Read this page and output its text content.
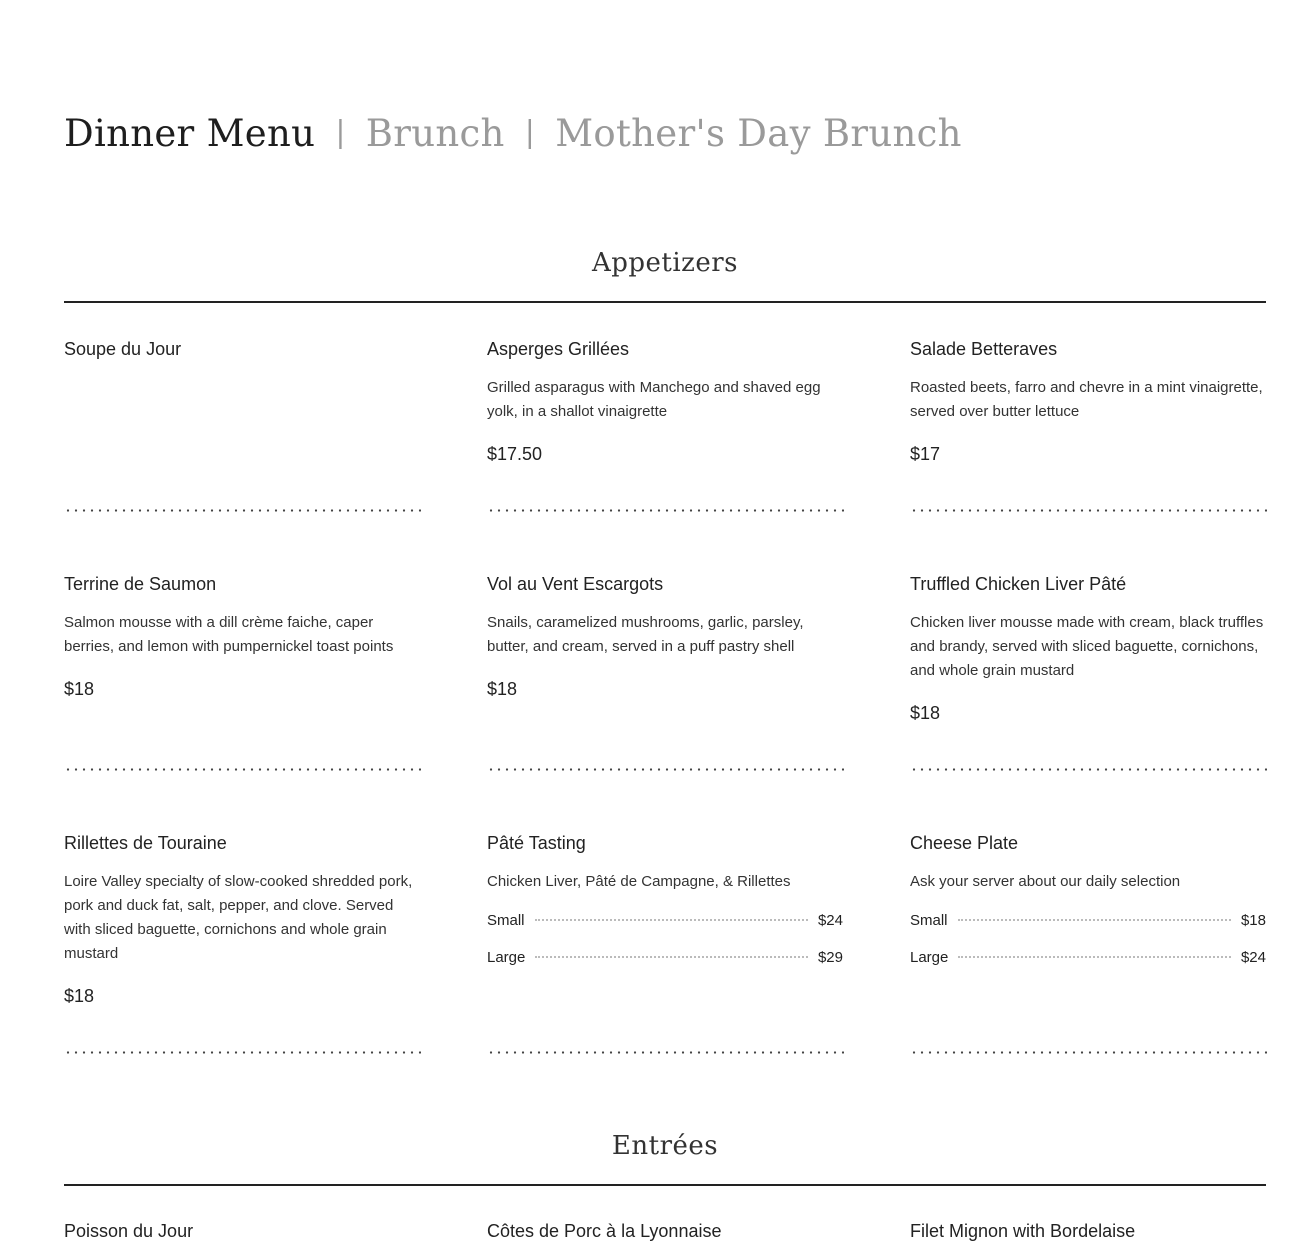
Dinner Menu | Brunch | Mother's Day Brunch
Appetizers
Soupe du Jour	Asperges Grillées
Grilled asparagus with Manchego and shaved egg yolk, in a shallot vinaigrette
$17.50
Salade Betteraves
Roasted beets, farro and chevre in a mint vinaigrette, served over butter lettuce
$17
Terrine de Saumon
Salmon mousse with a dill crème faiche, caper berries, and lemon with pumpernickel toast points
$18
Vol au Vent Escargots
Snails, caramelized mushrooms, garlic, parsley, butter, and cream, served in a puff pastry shell
$18
Truffled Chicken Liver Pâté
Chicken liver mousse made with cream, black truffles and brandy, served with sliced baguette, cornichons, and whole grain mustard
$18
Rillettes de Touraine
Loire Valley specialty of slow-cooked shredded pork, pork and duck fat, salt, pepper, and clove. Served with sliced baguette, cornichons and whole grain mustard
$18
Pâté Tasting
Chicken Liver, Pâté de Campagne, & Rillettes
Small	$24
Large	$29
Cheese Plate
Ask your server about our daily selection
Small	$18
Large	$24
Entrées
Poisson du Jour	Côtes de Porc à la Lyonnaise	Filet Mignon with Bordelaise
